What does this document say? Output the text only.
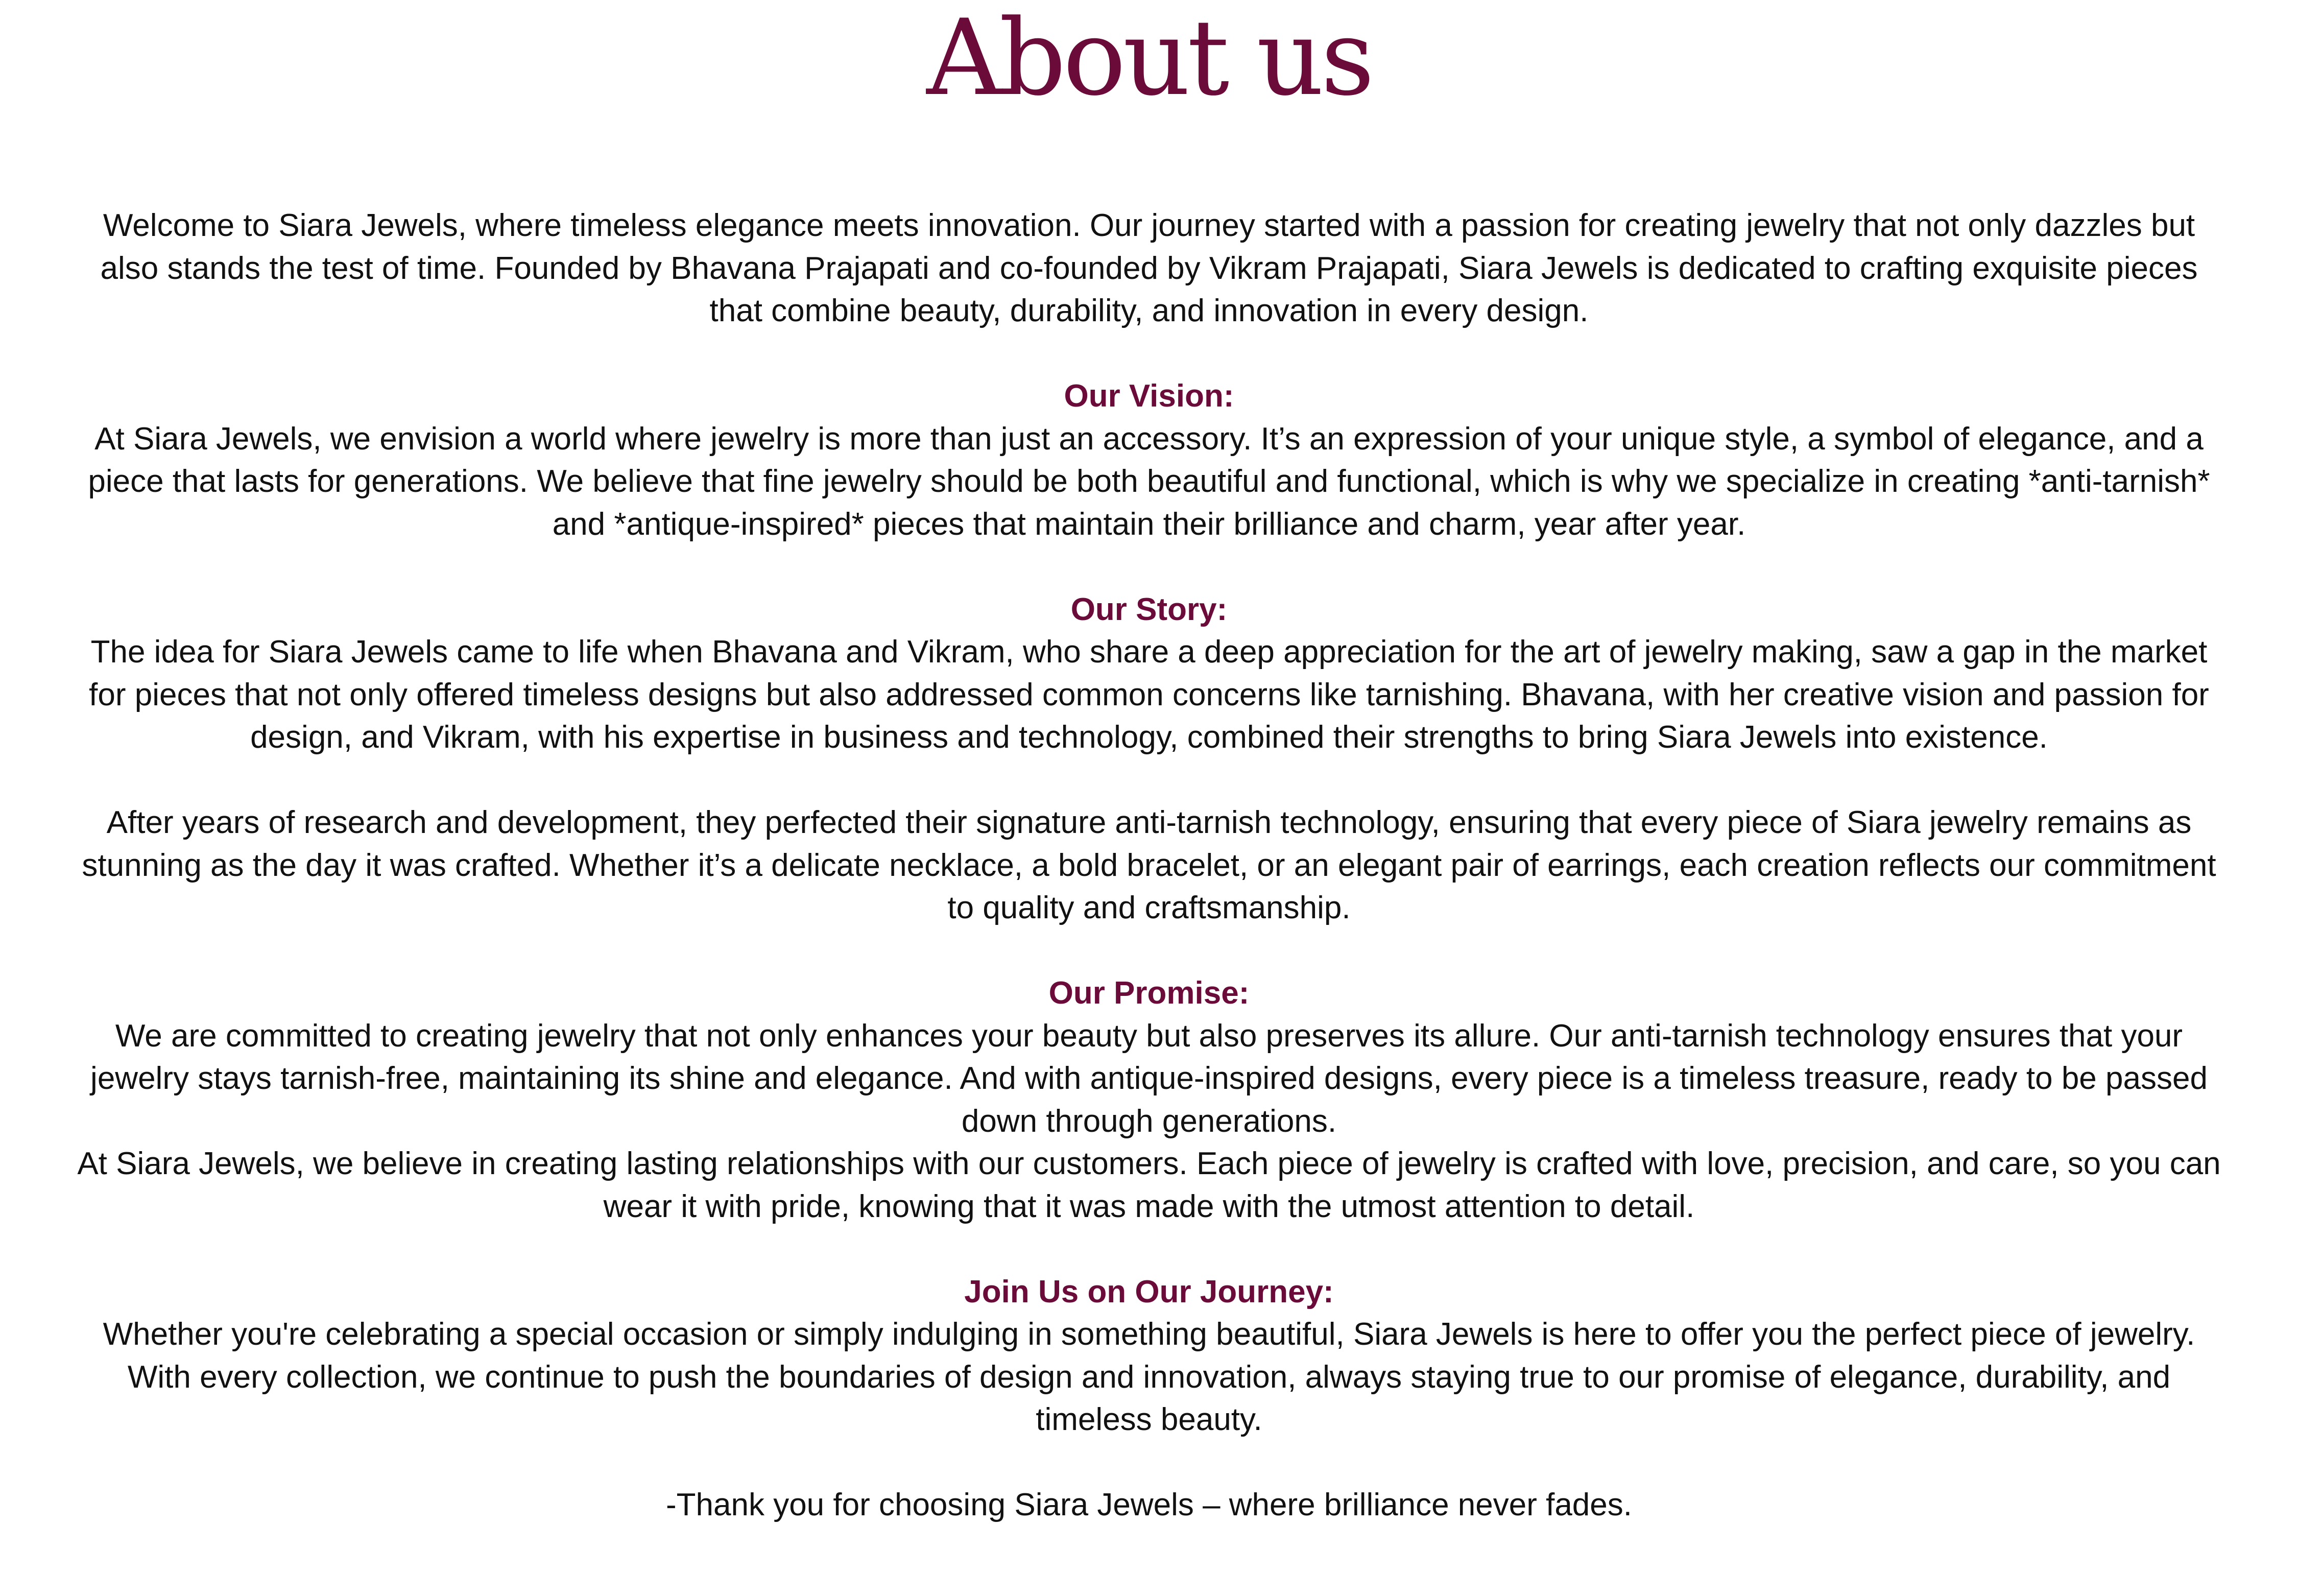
About us

Welcome to Siara Jewels, where timeless elegance meets innovation. Our journey started with a passion for creating jewelry that not only dazzles but also stands the test of time. Founded by Bhavana Prajapati and co-founded by Vikram Prajapati, Siara Jewels is dedicated to crafting exquisite pieces that combine beauty, durability, and innovation in every design.

Our Vision:

At Siara Jewels, we envision a world where jewelry is more than just an accessory. It’s an expression of your unique style, a symbol of elegance, and a piece that lasts for generations. We believe that fine jewelry should be both beautiful and functional, which is why we specialize in creating *anti-tarnish* and *antique-inspired* pieces that maintain their brilliance and charm, year after year.

Our Story:

The idea for Siara Jewels came to life when Bhavana and Vikram, who share a deep appreciation for the art of jewelry making, saw a gap in the market for pieces that not only offered timeless designs but also addressed common concerns like tarnishing. Bhavana, with her creative vision and passion for design, and Vikram, with his expertise in business and technology, combined their strengths to bring Siara Jewels into existence.

After years of research and development, they perfected their signature anti-tarnish technology, ensuring that every piece of Siara jewelry remains as stunning as the day it was crafted. Whether it’s a delicate necklace, a bold bracelet, or an elegant pair of earrings, each creation reflects our commitment to quality and craftsmanship.

Our Promise:

We are committed to creating jewelry that not only enhances your beauty but also preserves its allure. Our anti-tarnish technology ensures that your jewelry stays tarnish-free, maintaining its shine and elegance. And with antique-inspired designs, every piece is a timeless treasure, ready to be passed down through generations.

At Siara Jewels, we believe in creating lasting relationships with our customers. Each piece of jewelry is crafted with love, precision, and care, so you can wear it with pride, knowing that it was made with the utmost attention to detail.

Join Us on Our Journey:

Whether you're celebrating a special occasion or simply indulging in something beautiful, Siara Jewels is here to offer you the perfect piece of jewelry. With every collection, we continue to push the boundaries of design and innovation, always staying true to our promise of elegance, durability, and timeless beauty.

-Thank you for choosing Siara Jewels – where brilliance never fades.
